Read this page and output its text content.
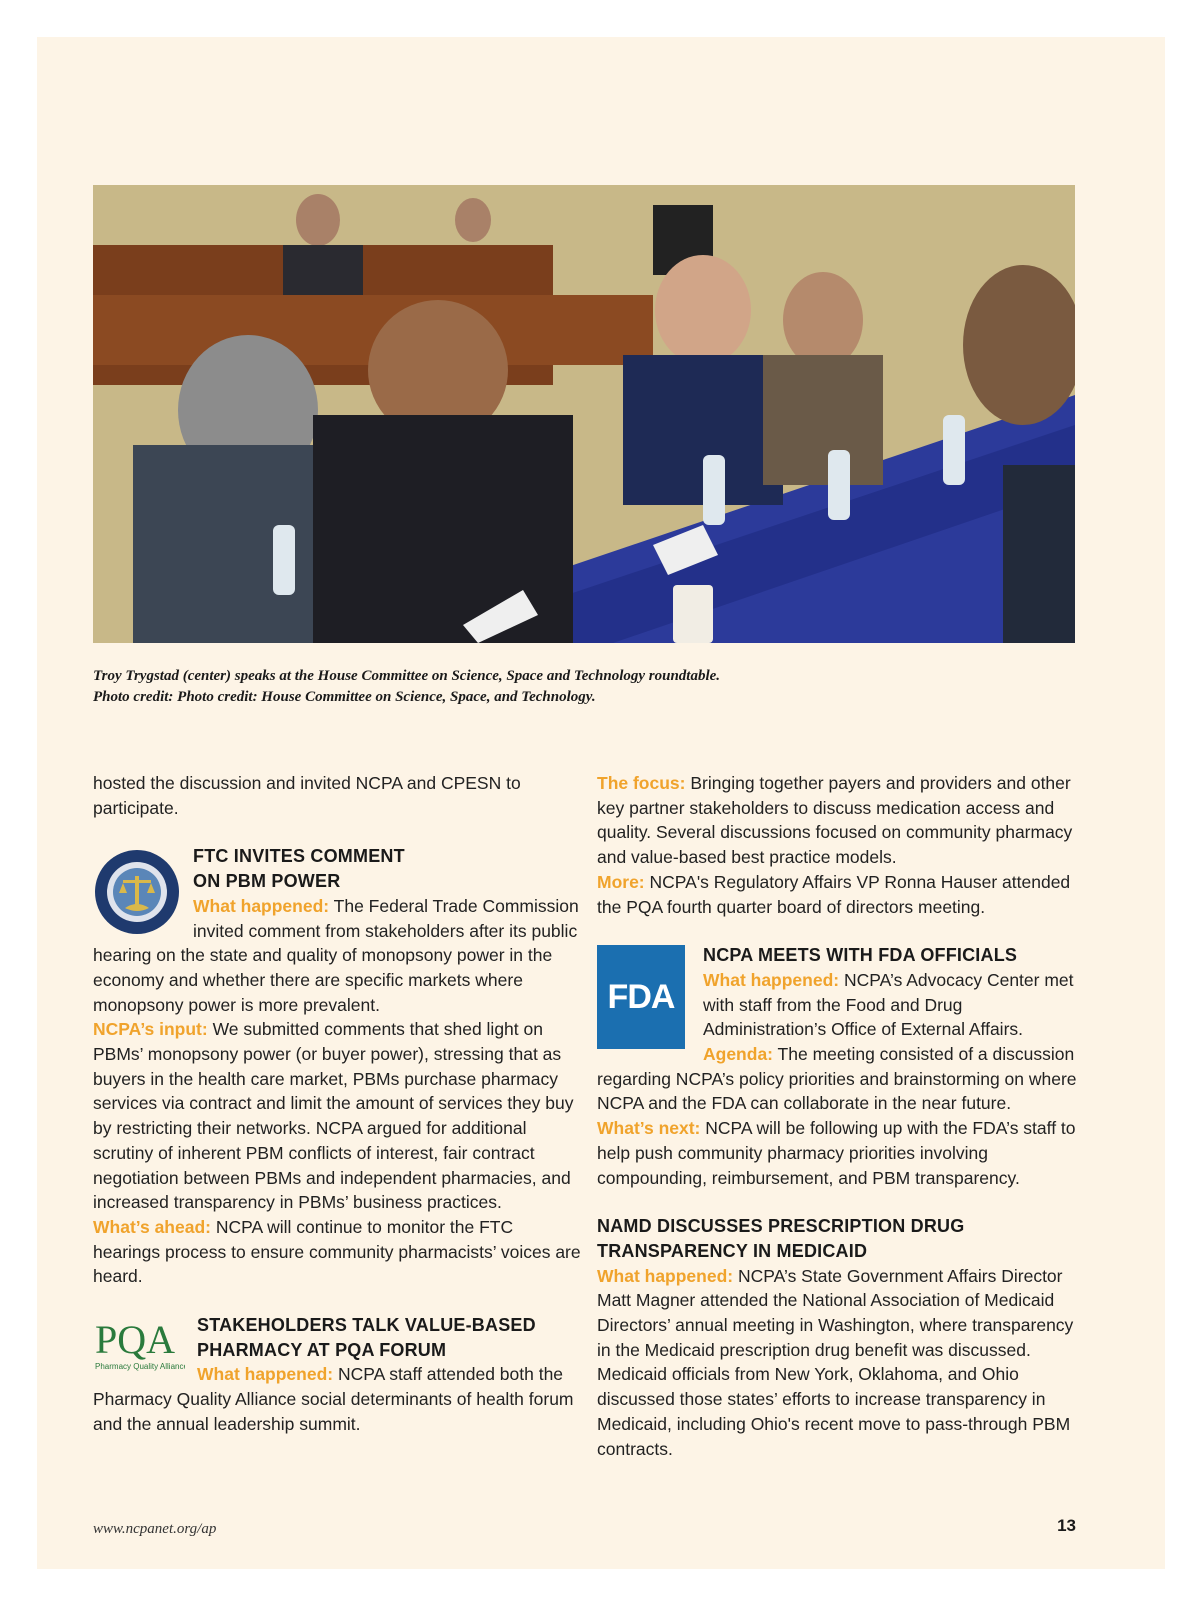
Troy Trygstad (center) speaks at the House Committee on Science, Space and Technology roundtable.
Photo credit: Photo credit: House Committee on Science, Space, and Technology.

hosted the discussion and invited NCPA and CPESN to participate.

FTC INVITES COMMENT
ON PBM POWER

What happened: The Federal Trade Commission invited comment from stakeholders after its public hearing on the state and quality of monopsony power in the economy and whether there are specific markets where monopsony power is more prevalent.

NCPA’s input: We submitted comments that shed light on PBMs’ monopsony power (or buyer power), stressing that as buyers in the health care market, PBMs purchase pharmacy services via contract and limit the amount of services they buy by restricting their networks. NCPA argued for additional scrutiny of inherent PBM conflicts of interest, fair contract negotiation between PBMs and independent pharmacies, and increased transparency in PBMs’ business practices.

What’s ahead: NCPA will continue to monitor the FTC hearings process to ensure community pharmacists’ voices are heard.

PQA
Pharmacy Quality Alliance
STAKEHOLDERS TALK VALUE-BASED
PHARMACY AT PQA FORUM

What happened: NCPA staff attended both the Pharmacy Quality Alliance social determinants of health forum and the annual leadership summit.

The focus: Bringing together payers and providers and other key partner stakeholders to discuss medication access and quality. Several discussions focused on community pharmacy and value-based best practice models.

More: NCPA's Regulatory Affairs VP Ronna Hauser attended the PQA fourth quarter board of directors meeting.

FDA
NCPA MEETS WITH FDA OFFICIALS

What happened: NCPA’s Advocacy Center met with staff from the Food and Drug Administration’s Office of External Affairs.

Agenda: The meeting consisted of a discussion regarding NCPA’s policy priorities and brainstorming on where NCPA and the FDA can collaborate in the near future.

What’s next: NCPA will be following up with the FDA’s staff to help push community pharmacy priorities involving compounding, reimbursement, and PBM transparency.

NAMD DISCUSSES PRESCRIPTION DRUG
TRANSPARENCY IN MEDICAID

What happened: NCPA’s State Government Affairs Director Matt Magner attended the National Association of Medicaid Directors’ annual meeting in Washington, where transparency in the Medicaid prescription drug benefit was discussed. Medicaid officials from New York, Oklahoma, and Ohio discussed those states’ efforts to increase transparency in Medicaid, including Ohio's recent move to pass-through PBM contracts.

www.ncpanet.org/ap	13
